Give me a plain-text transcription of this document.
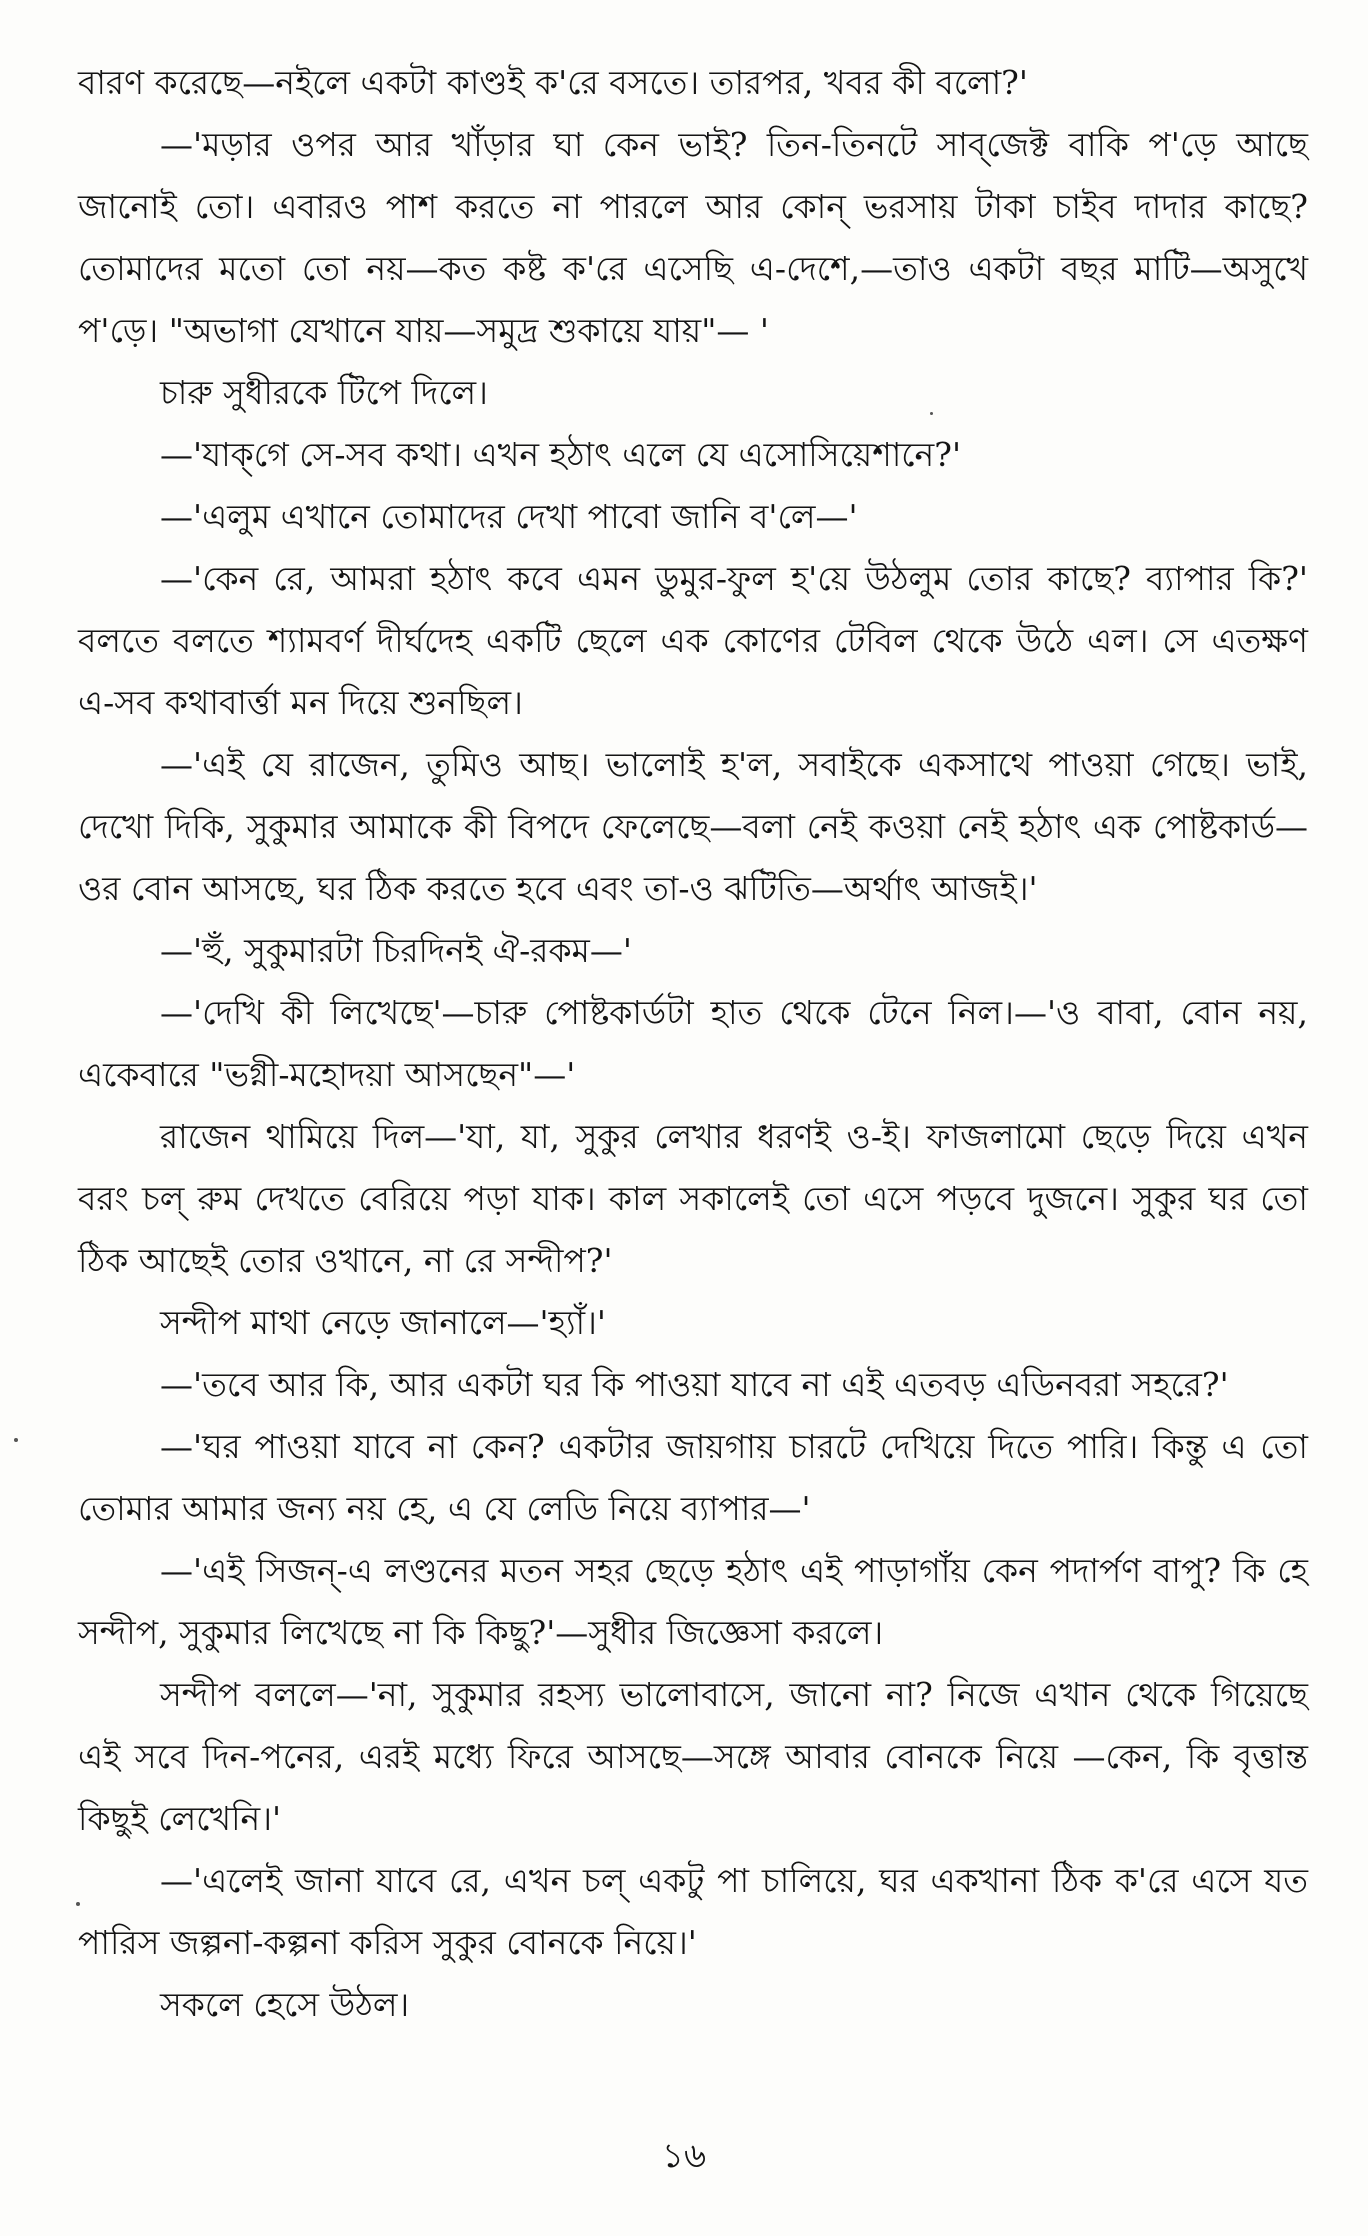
বারণ করেছে—নইলে একটা কাণ্ডই ক'রে বসতে। তারপর, খবর কী বলো?'

—'মড়ার ওপর আর খাঁড়ার ঘা কেন ভাই? তিন-তিনটে সাব্‌জেক্ট বাকি প'ড়ে আছে জানোই তো। এবারও পাশ করতে না পারলে আর কোন্ ভরসায় টাকা চাইব দাদার কাছে? তোমাদের মতো তো নয়—কত কষ্ট ক'রে এসেছি এ-দেশে,—তাও একটা বছর মাটি—অসুখে প'ড়ে। "অভাগা যেখানে যায়—সমুদ্র শুকায়ে যায়"— '

চারু সুধীরকে টিপে দিলে।

—'যাক্‌গে সে-সব কথা। এখন হঠাৎ এলে যে এসোসিয়েশানে?'

—'এলুম এখানে তোমাদের দেখা পাবো জানি ব'লে—'

—'কেন রে, আমরা হঠাৎ কবে এমন ডুমুর-ফুল হ'য়ে উঠলুম তোর কাছে? ব্যাপার কি?' বলতে বলতে শ্যামবর্ণ দীর্ঘদেহ একটি ছেলে এক কোণের টেবিল থেকে উঠে এল। সে এতক্ষণ এ-সব কথাবার্ত্তা মন দিয়ে শুনছিল।

—'এই যে রাজেন, তুমিও আছ। ভালোই হ'ল, সবাইকে একসাথে পাওয়া গেছে। ভাই, দেখো দিকি, সুকুমার আমাকে কী বিপদে ফেলেছে—বলা নেই কওয়া নেই হঠাৎ এক পোষ্টকার্ড—ওর বোন আসছে, ঘর ঠিক করতে হবে এবং তা-ও ঝটিতি—অর্থাৎ আজই।'

—'হুঁ, সুকুমারটা চিরদিনই ঐ-রকম—'

—'দেখি কী লিখেছে'—চারু পোষ্টকার্ডটা হাত থেকে টেনে নিল।—'ও বাবা, বোন নয়, একেবারে "ভগ্নী-মহোদয়া আসছেন"—'

রাজেন থামিয়ে দিল—'যা, যা, সুকুর লেখার ধরণই ও-ই। ফাজলামো ছেড়ে দিয়ে এখন বরং চল্ রুম দেখতে বেরিয়ে পড়া যাক। কাল সকালেই তো এসে পড়বে দুজনে। সুকুর ঘর তো ঠিক আছেই তোর ওখানে, না রে সন্দীপ?'

সন্দীপ মাথা নেড়ে জানালে—'হ্যাঁ।'

—'তবে আর কি, আর একটা ঘর কি পাওয়া যাবে না এই এতবড় এডিনবরা সহরে?'

—'ঘর পাওয়া যাবে না কেন? একটার জায়গায় চারটে দেখিয়ে দিতে পারি। কিন্তু এ তো তোমার আমার জন্য নয় হে, এ যে লেডি নিয়ে ব্যাপার—'

—'এই সিজন্-এ লণ্ডনের মতন সহর ছেড়ে হঠাৎ এই পাড়াগাঁয় কেন পদার্পণ বাপু? কি হে সন্দীপ, সুকুমার লিখেছে না কি কিছু?'—সুধীর জিজ্ঞেসা করলে।

সন্দীপ বললে—'না, সুকুমার রহস্য ভালোবাসে, জানো না? নিজে এখান থেকে গিয়েছে এই সবে দিন-পনের, এরই মধ্যে ফিরে আসছে—সঙ্গে আবার বোনকে নিয়ে —কেন, কি বৃত্তান্ত কিছুই লেখেনি।'

—'এলেই জানা যাবে রে, এখন চল্ একটু পা চালিয়ে, ঘর একখানা ঠিক ক'রে এসে যত পারিস জল্পনা-কল্পনা করিস সুকুর বোনকে নিয়ে।'

সকলে হেসে উঠল।

১৬
